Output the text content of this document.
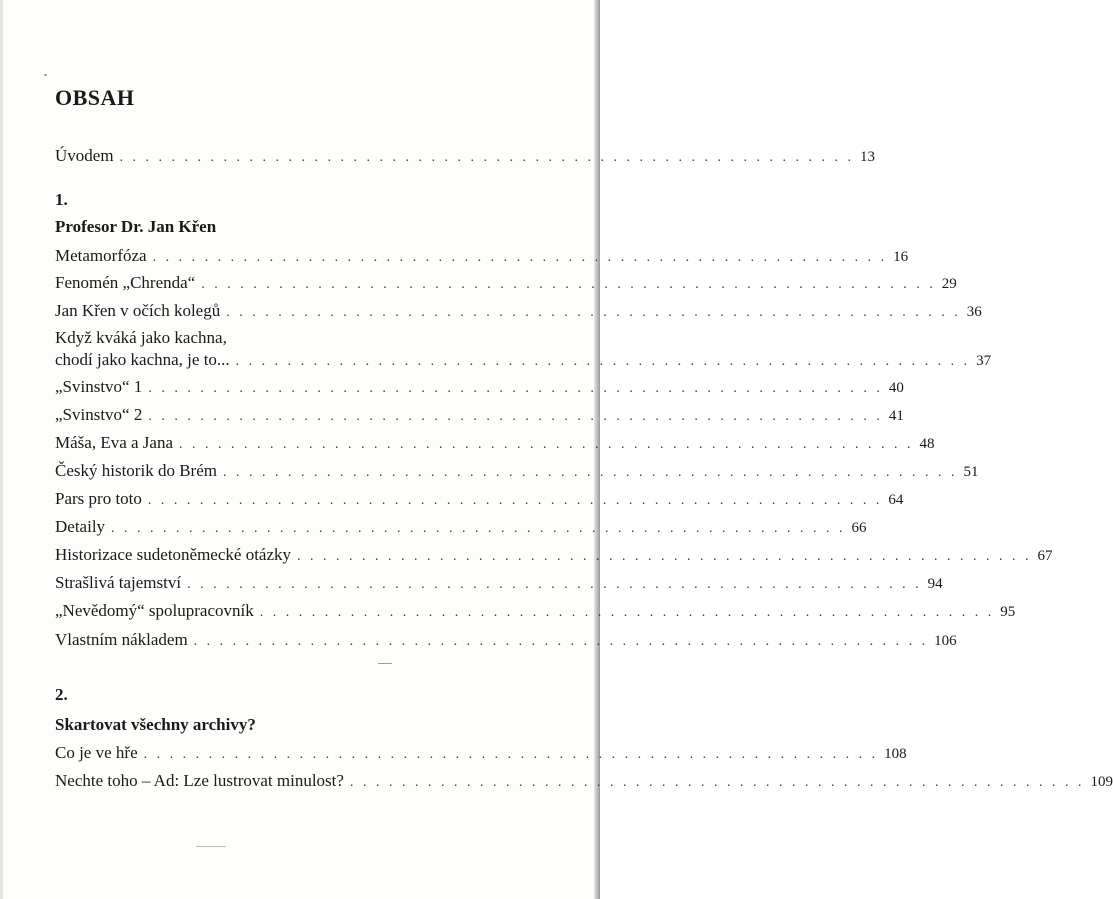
OBSAH
Úvodem . . . . . . . . . . . . . . . . . . . . . . . . . . . . . . . . . . . . . . . . . . . . . . . . . . . . . . . . . 13
1.
Profesor Dr. Jan Křen
Metamorfóza . . . . . . . . . . . . . . . . . . . . . . . . . . . . . . . . . . . . . . . . . . . . . . . . . . . . . . . . . 16
Fenomén „Chrenda“ . . . . . . . . . . . . . . . . . . . . . . . . . . . . . . . . . . . . . . . . . . . . . . . . . . . . . . . . . 29
Jan Křen v očích kolegů . . . . . . . . . . . . . . . . . . . . . . . . . . . . . . . . . . . . . . . . . . . . . . . . . . . . . . . . . 36
Když kváká jako kachna,
chodí jako kachna, je to... . . . . . . . . . . . . . . . . . . . . . . . . . . . . . . . . . . . . . . . . . . . . . . . . . . . . . . . . . 37
„Svinstvo“ 1 . . . . . . . . . . . . . . . . . . . . . . . . . . . . . . . . . . . . . . . . . . . . . . . . . . . . . . . . . 40
„Svinstvo“ 2 . . . . . . . . . . . . . . . . . . . . . . . . . . . . . . . . . . . . . . . . . . . . . . . . . . . . . . . . . 41
Máša, Eva a Jana . . . . . . . . . . . . . . . . . . . . . . . . . . . . . . . . . . . . . . . . . . . . . . . . . . . . . . . . . 48
Český historik do Brém . . . . . . . . . . . . . . . . . . . . . . . . . . . . . . . . . . . . . . . . . . . . . . . . . . . . . . . . . 51
Pars pro toto . . . . . . . . . . . . . . . . . . . . . . . . . . . . . . . . . . . . . . . . . . . . . . . . . . . . . . . . . 64
Detaily . . . . . . . . . . . . . . . . . . . . . . . . . . . . . . . . . . . . . . . . . . . . . . . . . . . . . . . . . 66
Historizace sudetoněmecké otázky . . . . . . . . . . . . . . . . . . . . . . . . . . . . . . . . . . . . . . . . . . . . . . . . . . . . . . . . . 67
Strašlivá tajemství . . . . . . . . . . . . . . . . . . . . . . . . . . . . . . . . . . . . . . . . . . . . . . . . . . . . . . . . . 94
„Nevědomý“ spolupracovník . . . . . . . . . . . . . . . . . . . . . . . . . . . . . . . . . . . . . . . . . . . . . . . . . . . . . . . . . 95
Vlastním nákladem . . . . . . . . . . . . . . . . . . . . . . . . . . . . . . . . . . . . . . . . . . . . . . . . . . . . . . . . . 106
2.
Skartovat všechny archivy?
Co je ve hře . . . . . . . . . . . . . . . . . . . . . . . . . . . . . . . . . . . . . . . . . . . . . . . . . . . . . . . . . 108
Nechte toho – Ad: Lze lustrovat minulost? . . . . . . . . . . . . . . . . . . . . . . . . . . . . . . . . . . . . . . . . . . . . . . . . . . . . . . . . . 109
